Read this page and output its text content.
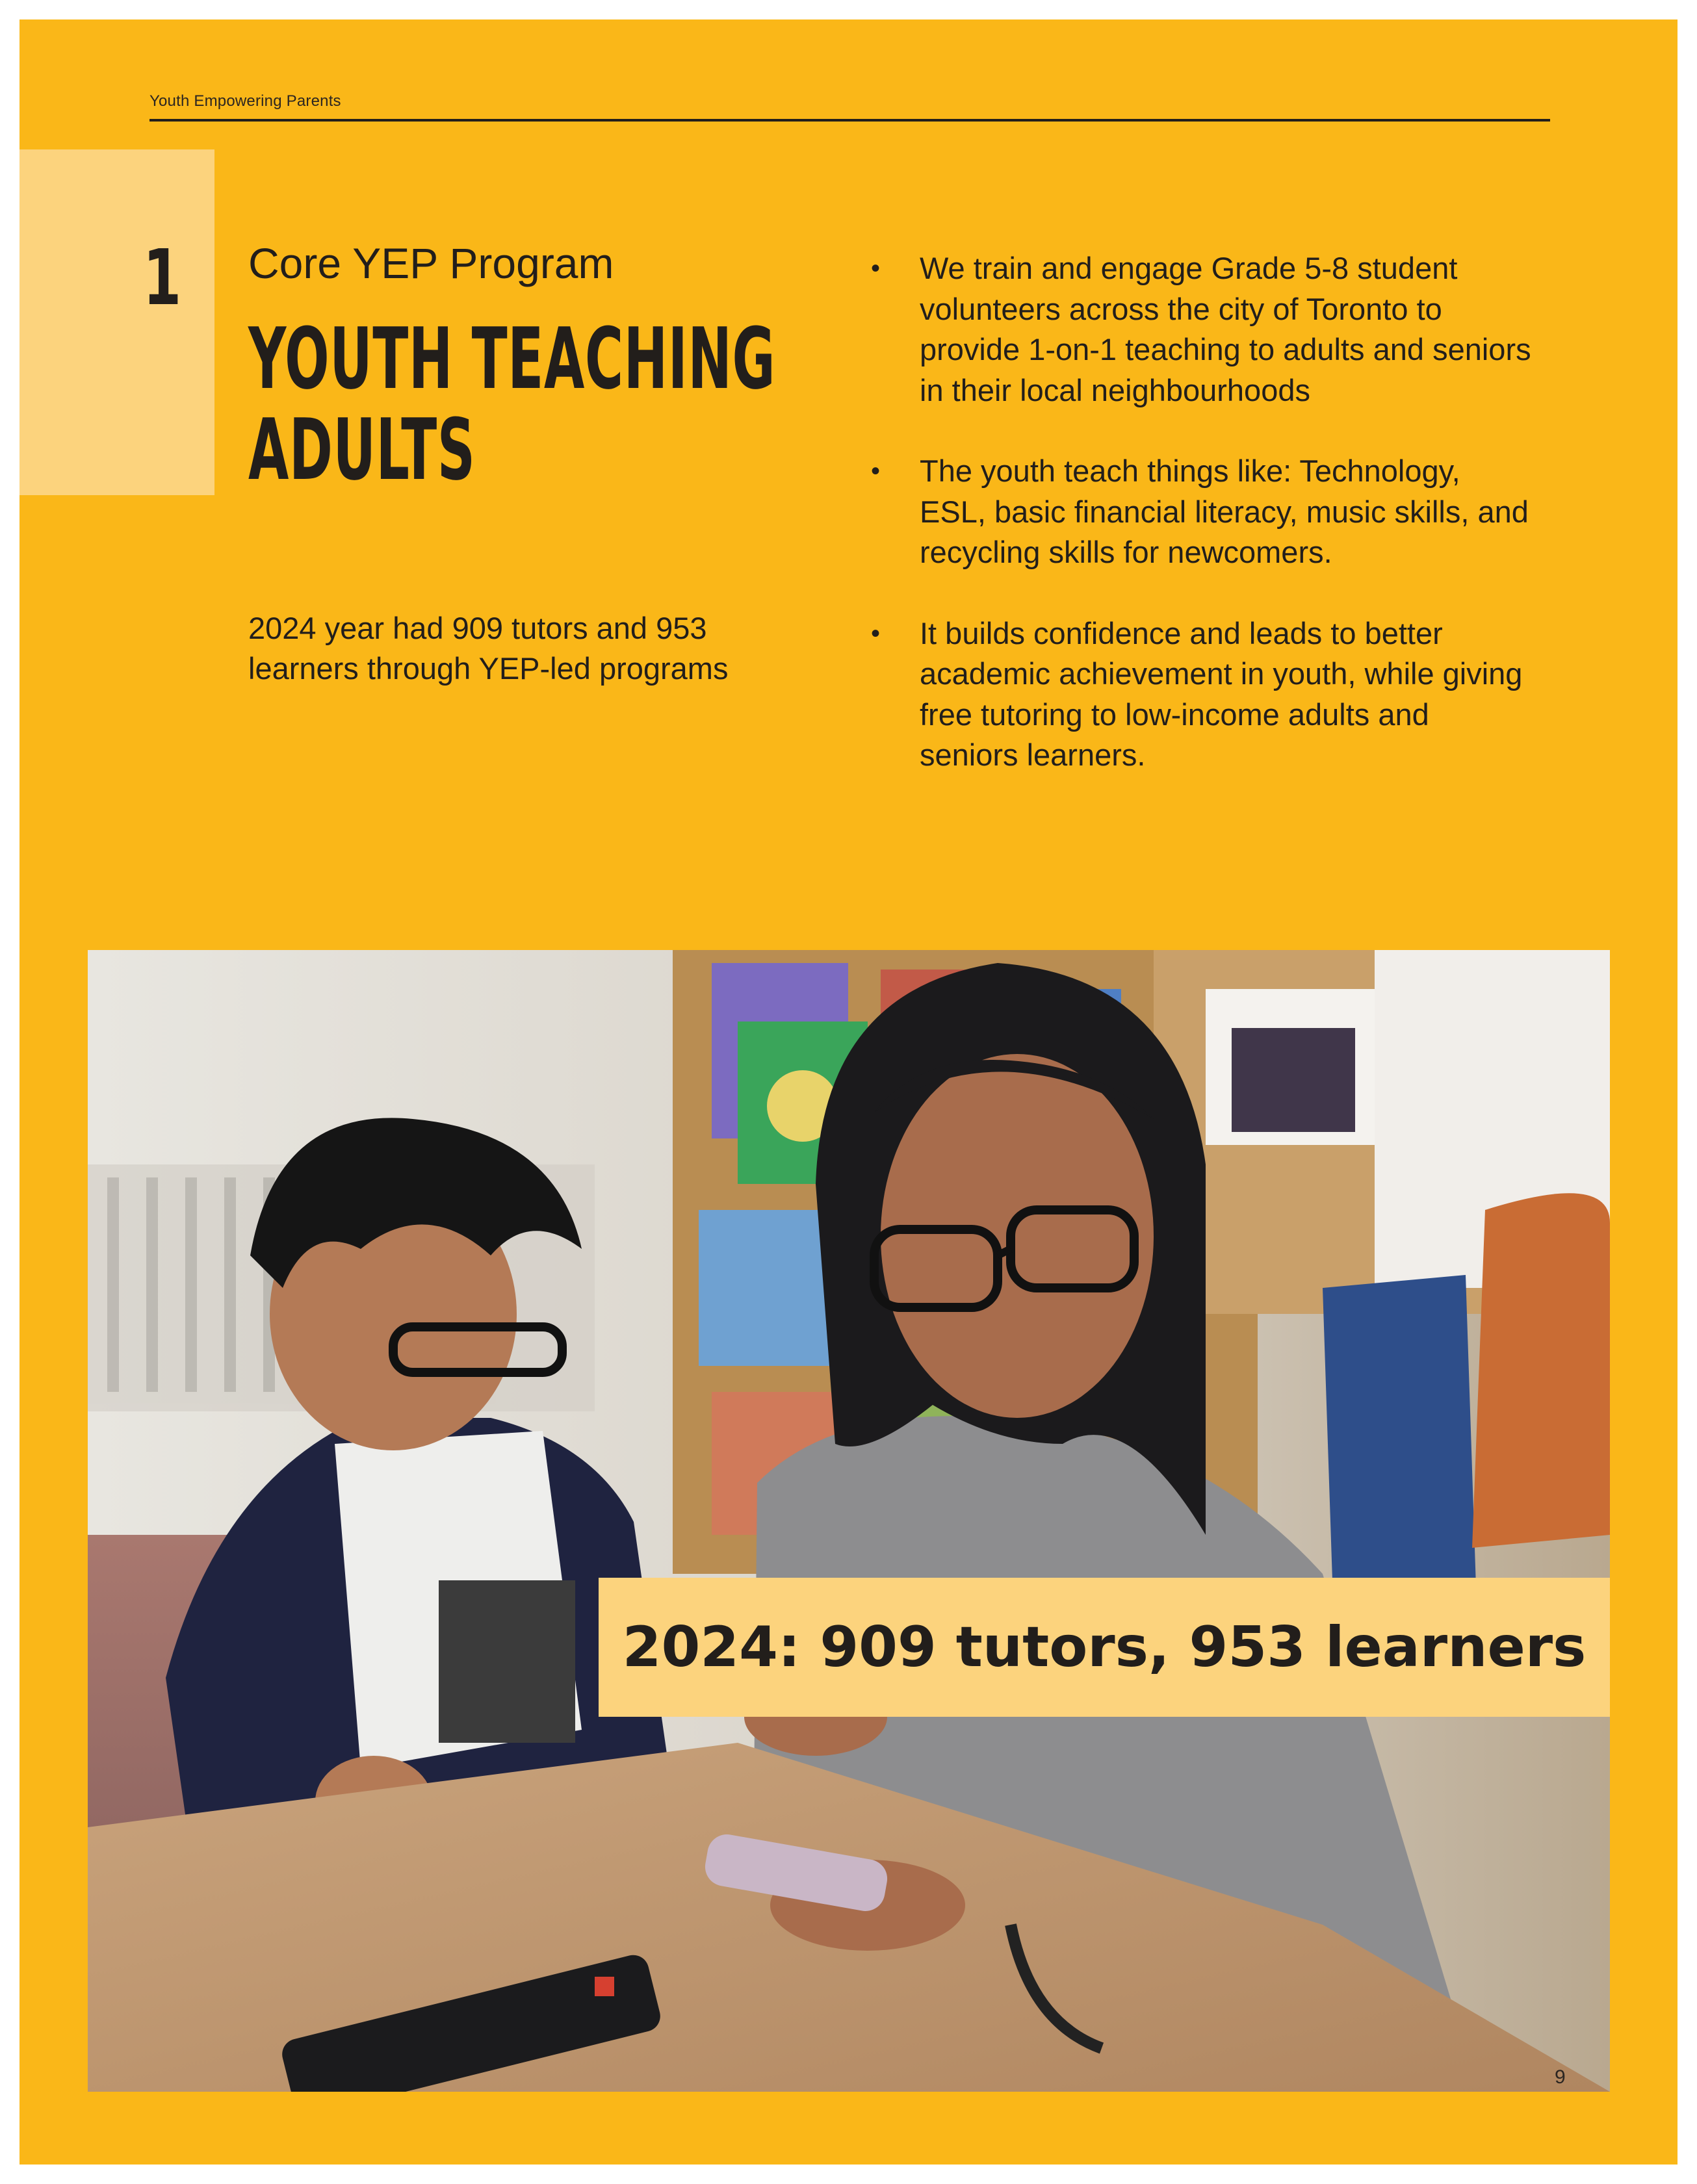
Youth Empowering Parents
1 Core YEP Program
YOUTH TEACHING
ADULTS
2024 year had 909 tutors and 953 learners through YEP-led programs
• We train and engage Grade 5-8 student volunteers across the city of Toronto to provide 1-on-1 teaching to adults and seniors in their local neighbourhoods
• The youth teach things like: Technology, ESL, basic financial literacy, music skills, and recycling skills for newcomers.
• It builds confidence and leads to better academic achievement in youth, while giving free tutoring to low-income adults and seniors learners.
2024: 909 tutors, 953 learners
9
